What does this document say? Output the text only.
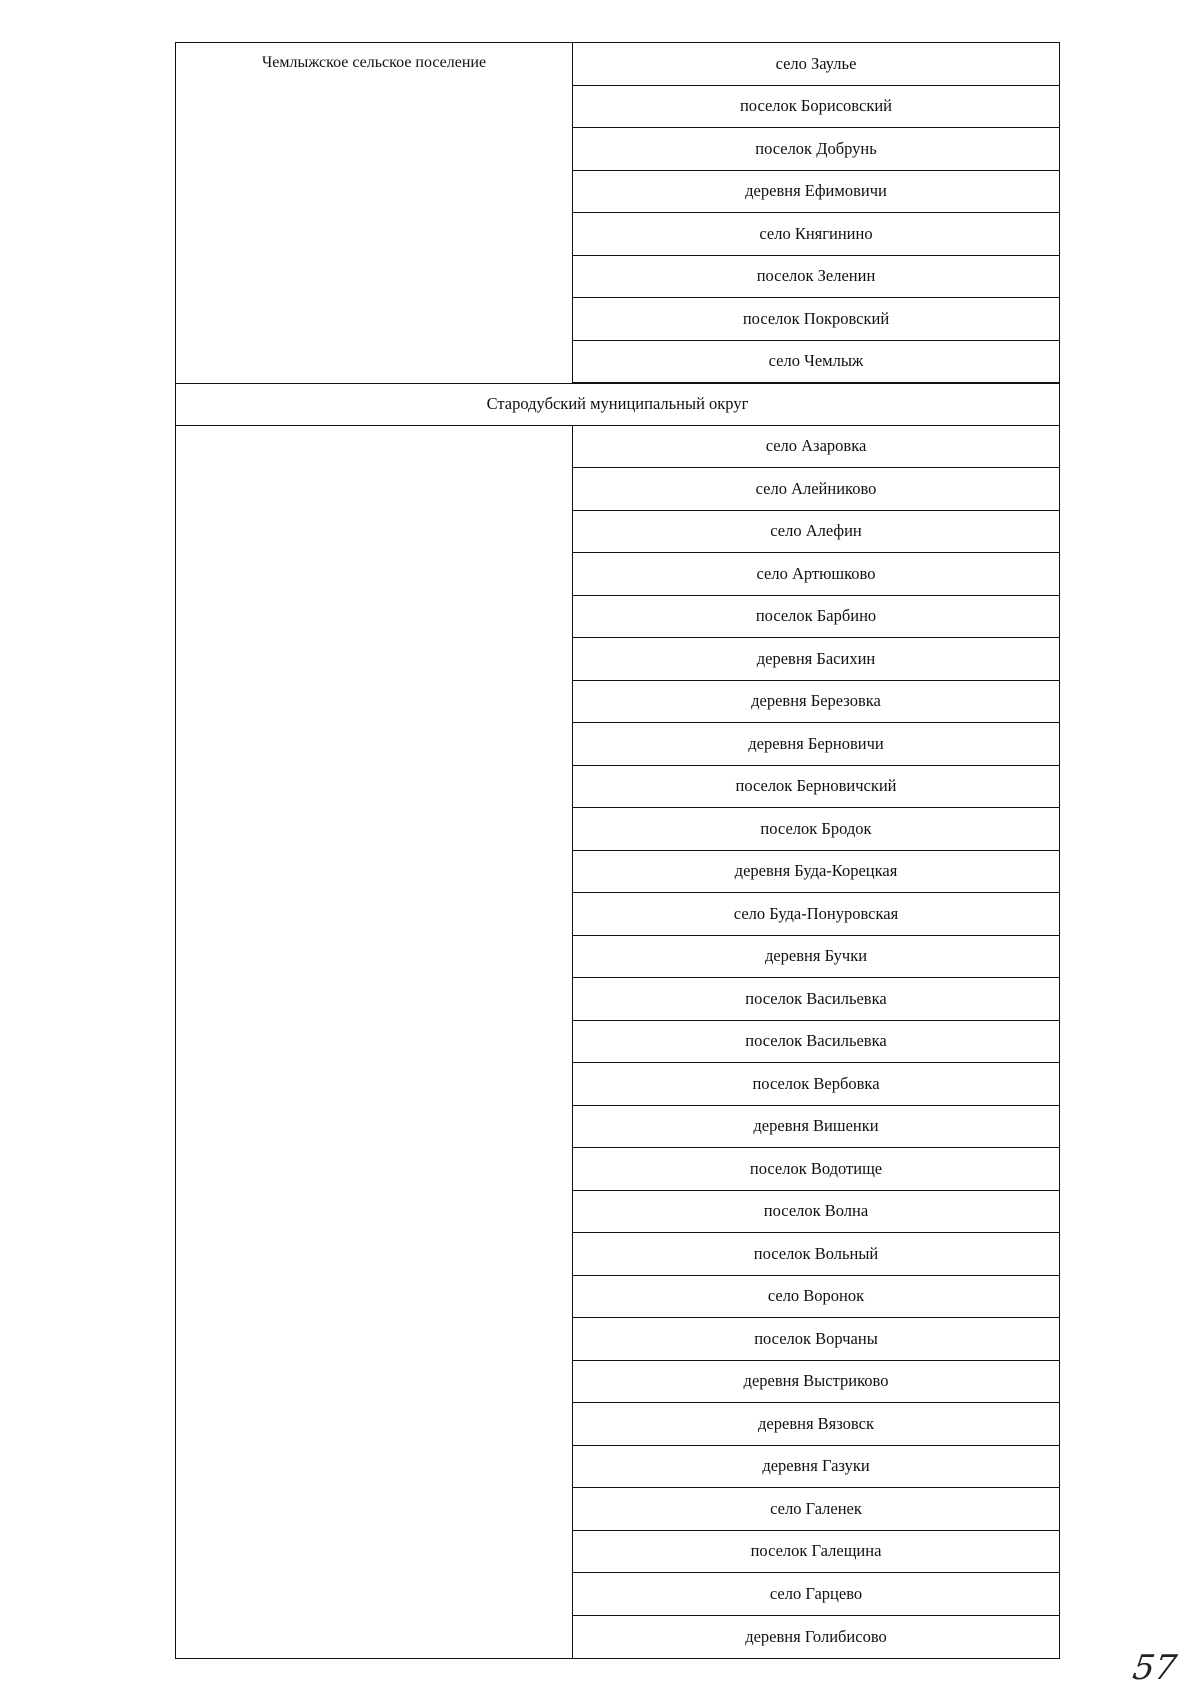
Чемлыжское сельское поселение	село Заулье
поселок Борисовский
поселок Добрунь
деревня Ефимовичи
село Княгинино
поселок Зеленин
поселок Покровский
село Чемлыж
Стародубский муниципальный округ
село Азаровка
село Алейниково
село Алефин
село Артюшково
поселок Барбино
деревня Басихин
деревня Березовка
деревня Берновичи
поселок Берновичский
поселок Бродок
деревня Буда-Корецкая
село Буда-Понуровская
деревня Бучки
поселок Васильевка
поселок Васильевка
поселок Вербовка
деревня Вишенки
поселок Водотище
поселок Волна
поселок Вольный
село Воронок
поселок Ворчаны
деревня Выстриково
деревня Вязовск
деревня Газуки
село Галенек
поселок Галещина
село Гарцево
деревня Голибисово
57
